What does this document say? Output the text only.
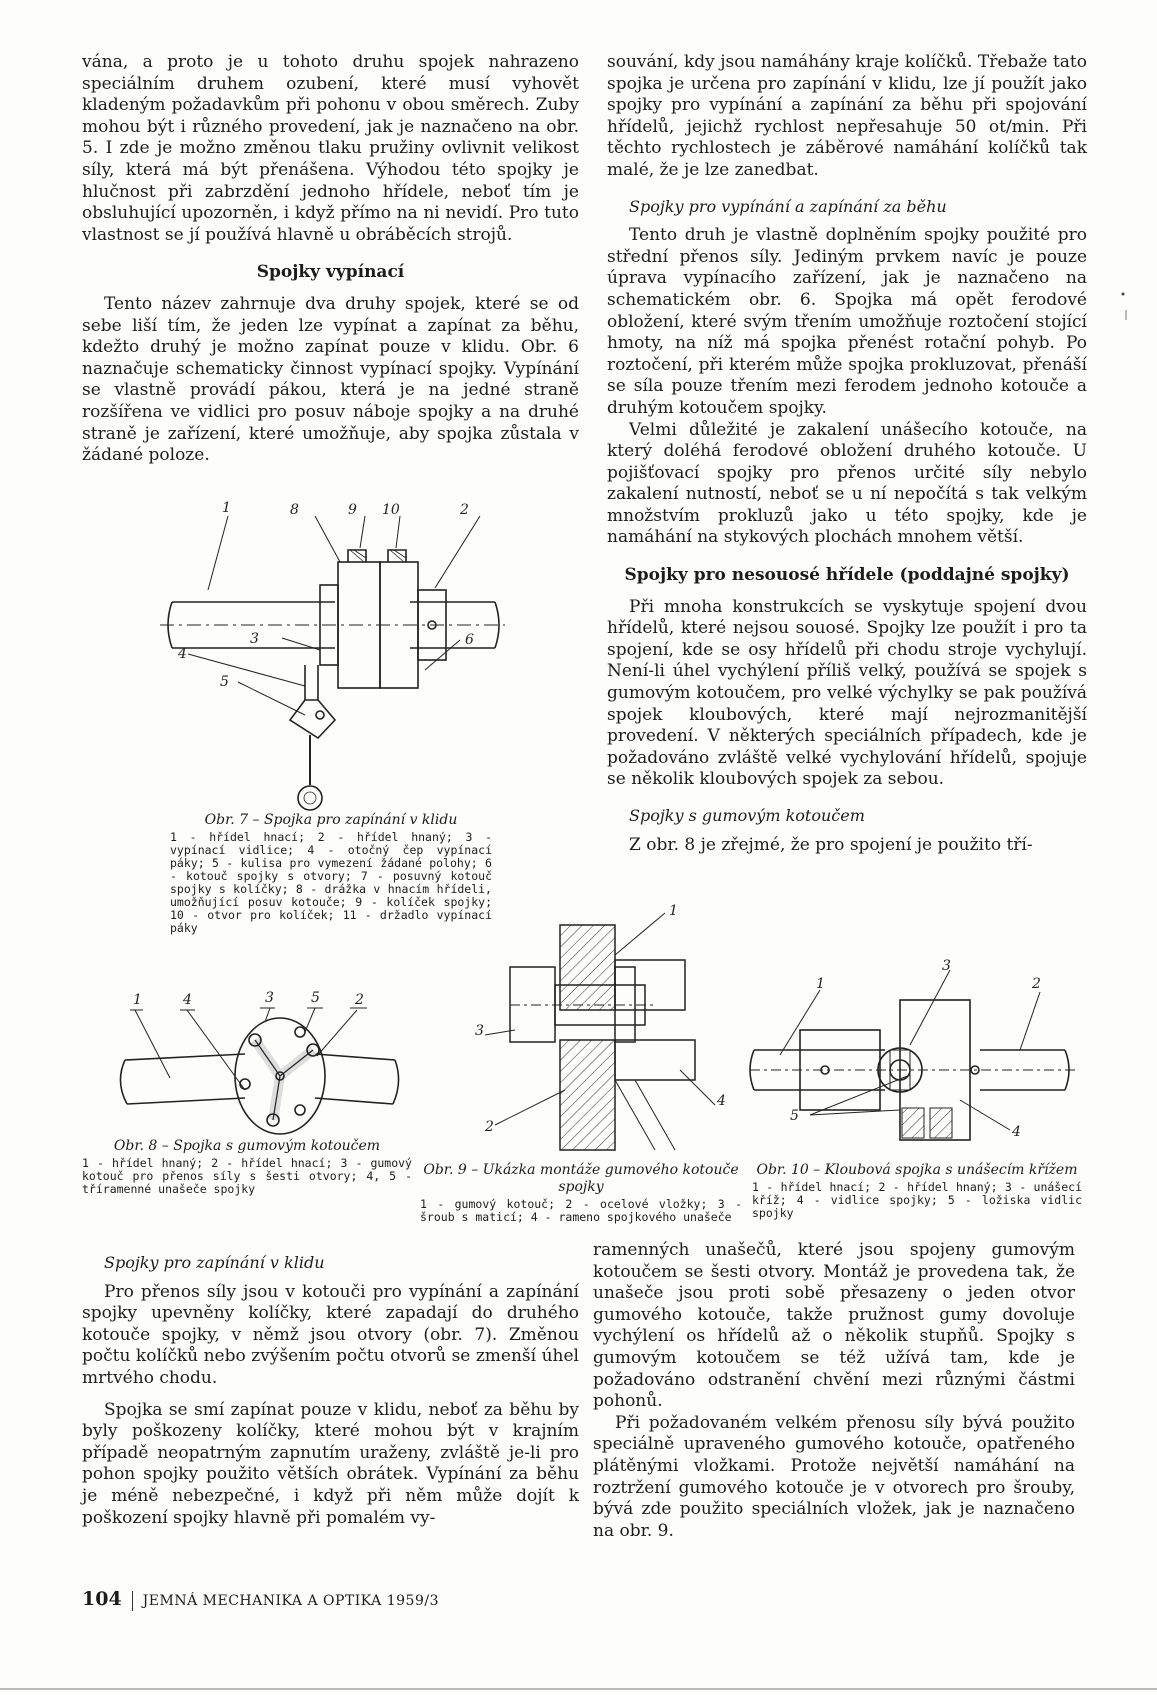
vána, a proto je u tohoto druhu spojek nahrazeno speciálním druhem ozubení, které musí vyhovět kladeným požadavkům při pohonu v obou směrech. Zuby mohou být i různého provedení, jak je naznačeno na obr. 5. I zde je možno změnou tlaku pružiny ovlivnit velikost síly, která má být přenášena. Výhodou této spojky je hlučnost při zabrzdění jednoho hřídele, neboť tím je obsluhující upozorněn, i když přímo na ni nevidí. Pro tuto vlastnost se jí používá hlavně u obráběcích strojů.

Spojky vypínací

Tento název zahrnuje dva druhy spojek, které se od sebe liší tím, že jeden lze vypínat a zapínat za běhu, kdežto druhý je možno zapínat pouze v klidu. Obr. 6 naznačuje schematicky činnost vypínací spojky. Vypínání se vlastně provádí pákou, která je na jedné straně rozšířena ve vidlici pro posuv náboje spojky a na druhé straně je zařízení, které umožňuje, aby spojka zůstala v žádané poloze.

souvání, kdy jsou namáhány kraje kolíčků. Třebaže tato spojka je určena pro zapínání v klidu, lze jí použít jako spojky pro vypínání a zapínání za běhu při spojování hřídelů, jejichž rychlost nepřesahuje 50 ot/min. Při těchto rychlostech je záběrové namáhání kolíčků tak malé, že je lze zanedbat.

Spojky pro vypínání a zapínání za běhu

Tento druh je vlastně doplněním spojky použité pro střední přenos síly. Jediným prvkem navíc je pouze úprava vypínacího zařízení, jak je naznačeno na schematickém obr. 6. Spojka má opět ferodové obložení, které svým třením umožňuje roztočení stojící hmoty, na níž má spojka přenést rotační pohyb. Po roztočení, při kterém může spojka prokluzovat, přenáší se síla pouze třením mezi ferodem jednoho kotouče a druhým kotoučem spojky.

Velmi důležité je zakalení unášecího kotouče, na který doléhá ferodové obložení druhého kotouče. U pojišťovací spojky pro přenos určité síly nebylo zakalení nutností, neboť se u ní nepočítá s tak velkým množstvím prokluzů jako u této spojky, kde je namáhání na stykových plochách mnohem větší.

Spojky pro nesouosé hřídele (poddajné spojky)

Při mnoha konstrukcích se vyskytuje spojení dvou hřídelů, které nejsou souosé. Spojky lze použít i pro ta spojení, kde se osy hřídelů při chodu stroje vychylují. Není-li úhel vychýlení příliš velký, používá se spojek s gumovým kotoučem, pro velké výchylky se pak používá spojek kloubových, které mají nejrozmanitější provedení. V některých speciálních případech, kde je požadováno zvláště velké vychylování hřídelů, spojuje se několik kloubových spojek za sebou.

Spojky s gumovým kotoučem

Z obr. 8 je zřejmé, že pro spojení je použito tří-

1	8	9 10	2
3	6
4
5
Obr. 7 – Spojka pro zapínání v klidu
1 - hřídel hnací; 2 - hřídel hnaný; 3 - vypínací vidlice; 4 - otočný čep vypínací páky; 5 - kulisa pro vymezení žádané polohy; 6 - kotouč spojky s otvory; 7 - posuvný kotouč spojky s kolíčky; 8 - drážka v hnacím hřídeli, umožňující posuv kotouče; 9 - kolíček spojky; 10 - otvor pro kolíček; 11 - držadlo vypínací páky
1	4	3	5	2
Obr. 8 – Spojka s gumovým kotoučem
1 - hřídel hnaný; 2 - hřídel hnací; 3 - gumový kotouč pro přenos síly s šesti otvory; 4, 5 - tříramenné unašeče spojky
1
3
2
4
Obr. 9 – Ukázka montáže gumového kotouče spojky
1 - gumový kotouč; 2 - ocelové vložky; 3 - šroub s maticí; 4 - rameno spojkového unašeče
3
1	2
5
4
Obr. 10 – Kloubová spojka s unášecím křížem
1 - hřídel hnací; 2 - hřídel hnaný; 3 - unášecí kříž; 4 - vidlice spojky; 5 - ložiska vidlic spojky
Spojky pro zapínání v klidu

Pro přenos síly jsou v kotouči pro vypínání a zapínání spojky upevněny kolíčky, které zapadají do druhého kotouče spojky, v němž jsou otvory (obr. 7). Změnou počtu kolíčků nebo zvýšením počtu otvorů se zmenší úhel mrtvého chodu.

Spojka se smí zapínat pouze v klidu, neboť za běhu by byly poškozeny kolíčky, které mohou být v krajním případě neopatrným zapnutím uraženy, zvláště je-li pro pohon spojky použito větších obrátek. Vypínání za běhu je méně nebezpečné, i když při něm může dojít k poškození spojky hlavně při pomalém vy-

ramenných unašečů, které jsou spojeny gumovým kotoučem se šesti otvory. Montáž je provedena tak, že unašeče jsou proti sobě přesazeny o jeden otvor gumového kotouče, takže pružnost gumy dovoluje vychýlení os hřídelů až o několik stupňů. Spojky s gumovým kotoučem se též užívá tam, kde je požadováno odstranění chvění mezi různými částmi pohonů.

Při požadovaném velkém přenosu síly bývá použito speciálně upraveného gumového kotouče, opatřeného plátěnými vložkami. Protože největší namáhání na roztržení gumového kotouče je v otvorech pro šrouby, bývá zde použito speciálních vložek, jak je naznačeno na obr. 9.

104 JEMNÁ MECHANIKA A OPTIKA 1959/3
